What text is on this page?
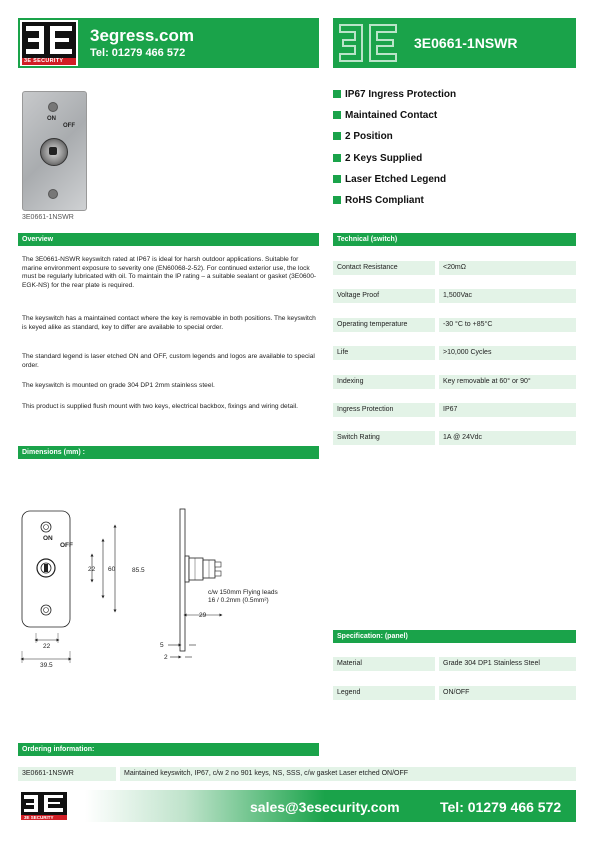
3E SECURITY
3egress.com
Tel: 01279 466 572
3E0661-1NSWR
ON
OFF
3E0661-1NSWR
IP67 Ingress Protection
Maintained Contact
2 Position
2 Keys Supplied
Laser Etched Legend
RoHS Compliant
Overview
The 3E0661-NSWR keyswitch rated at IP67 is ideal for harsh outdoor applications. Suitable for marine environment exposure to severity one (EN60068-2-52). For continued exterior use, the lock must be regularly lubricated with oil. To maintain the IP rating – a suitable sealant or gasket (3E0600-EGK-NS) for the rear plate is required.
The keyswitch has a maintained contact where the key is removable in both positions. The keyswitch is keyed alike as standard, key to differ are available to special order.
The standard legend is laser etched ON and OFF, custom legends and logos are available to special order.
The keyswitch is mounted on grade 304 DP1 2mm stainless steel.
This product is supplied flush mount with two keys, electrical backbox, fixings and wiring detail.
Technical (switch)
Contact Resistance	<20mΩ
Voltage Proof	1,500Vac
Operating temperature	-30 °C to +85°C
Life	>10,000 Cycles
Indexing	Key removable at 60° or 90°
Ingress Protection	IP67
Switch Rating	1A @ 24Vdc
Dimensions (mm) :
ON
OFF
22 60	85.5
22
39.5
c/w 150mm Flying leads
16 / 0.2mm (0.5mm²)
29
5
2
Specification: (panel)
Material	Grade 304 DP1 Stainless Steel
Legend	ON/OFF
Ordering information:
3E0661-1NSWR	Maintained keyswitch, IP67, c/w 2 no 901 keys, NS, SSS, c/w gasket Laser etched ON/OFF
3E SECURITY
sales@3esecurity.com	Tel: 01279 466 572
